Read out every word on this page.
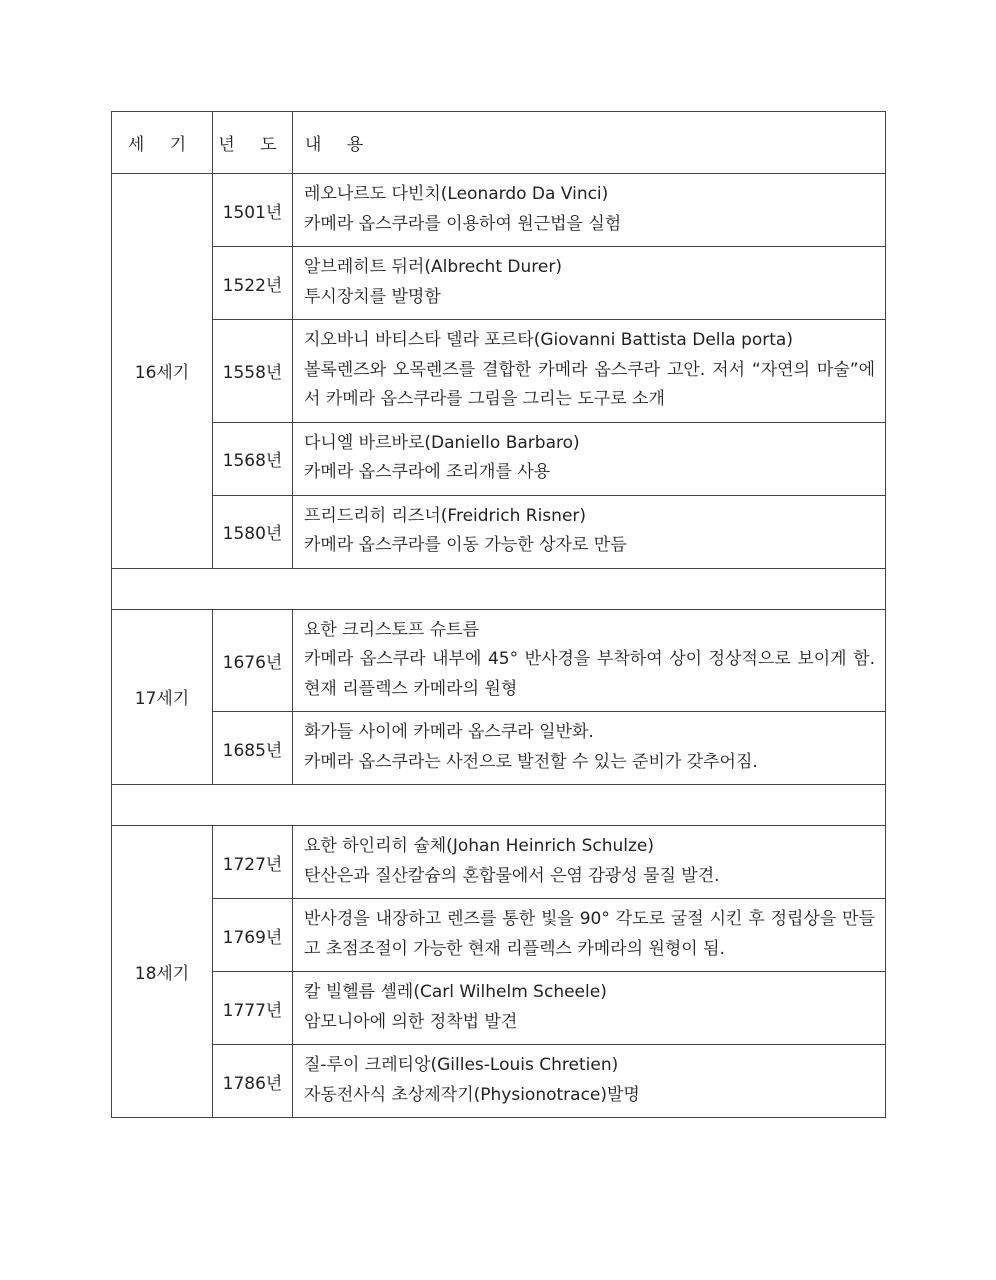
세 기	년 도	내 용
16세기	1501년	레오나르도 다빈치(Leonardo Da Vinci)
카메라 옵스쿠라를 이용하여 원근법을 실험

	1522년	알브레히트 뒤러(Albrecht Durer)
투시장치를 발명함

	1558년	지오바니 바티스타 델라 포르타(Giovanni Battista Della porta)
볼록렌즈와 오목렌즈를 결합한 카메라 옵스쿠라 고안. 저서 “자연의 마술”에서 카메라 옵스쿠라를 그림을 그리는 도구로 소개

	1568년	다니엘 바르바로(Daniello Barbaro)
카메라 옵스쿠라에 조리개를 사용

	1580년	프리드리히 리즈너(Freidrich Risner)
카메라 옵스쿠라를 이동 가능한 상자로 만듬

17세기	1676년	요한 크리스토프 슈트름
카메라 옵스쿠라 내부에 45° 반사경을 부착하여 상이 정상적으로 보이게 함. 현재 리플렉스 카메라의 원형

	1685년	화가들 사이에 카메라 옵스쿠라 일반화.
카메라 옵스쿠라는 사전으로 발전할 수 있는 준비가 갖추어짐.

18세기	1727년	요한 하인리히 슐체(Johan Heinrich Schulze)
탄산은과 질산칼슘의 혼합물에서 은염 감광성 물질 발견.

	1769년	반사경을 내장하고 렌즈를 통한 빛을 90° 각도로 굴절 시킨 후 정립상을 만들고 초점조절이 가능한 현재 리플렉스 카메라의 원형이 됨.

	1777년	칼 빌헬름 셸레(Carl Wilhelm Scheele)
암모니아에 의한 정착법 발견

	1786년	질-루이 크레티앙(Gilles-Louis Chretien)
자동전사식 초상제작기(Physionotrace)발명
